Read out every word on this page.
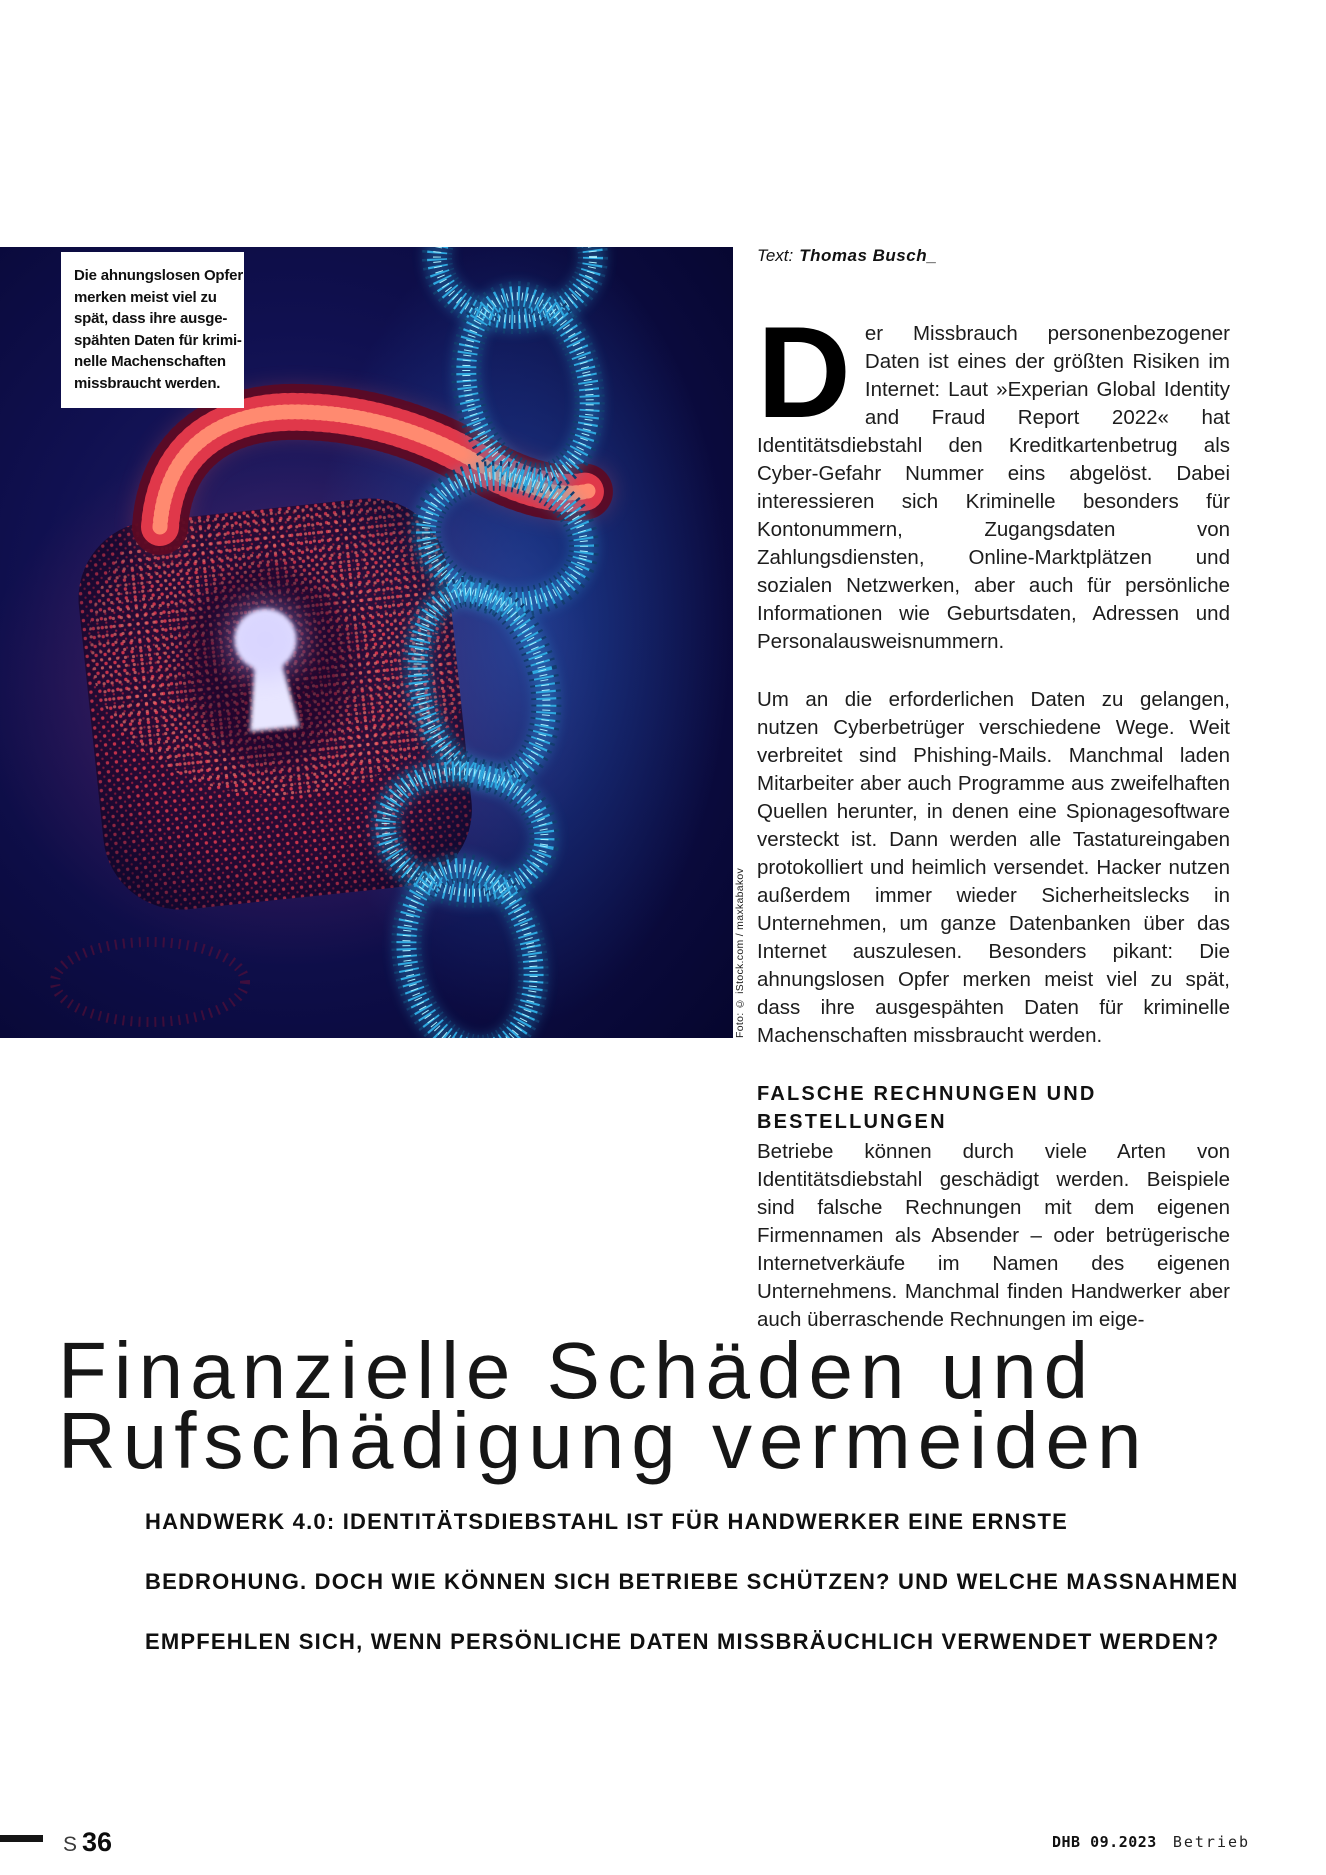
Die ahnungslosen Opfer
merken meist viel zu
spät, dass ihre ausge-
spähten Daten für krimi-
nelle Machenschaften
missbraucht werden.
Foto: © iStock.com / maxkabakov
Text: Thomas Busch_

Der Missbrauch personenbezogener Daten ist eines der größten Risiken im Internet: Laut »Experian Global Identity and Fraud Report 2022« hat Identitätsdiebstahl den Kreditkartenbetrug als Cyber-Gefahr Nummer eins abgelöst. Dabei interessieren sich Kriminelle besonders für Kontonummern, Zugangsdaten von Zahlungsdiensten, Online-Marktplätzen und sozialen Netzwerken, aber auch für persönliche Informationen wie Geburtsdaten, Adressen und Personalausweisnummern.

Um an die erforderlichen Daten zu gelangen, nutzen Cyberbetrüger verschiedene Wege. Weit verbreitet sind Phishing-Mails. Manchmal laden Mitarbeiter aber auch Programme aus zweifelhaften Quellen herunter, in denen eine Spionagesoftware versteckt ist. Dann werden alle Tastatureingaben protokolliert und heimlich versendet. Hacker nutzen außerdem immer wieder Sicherheitslecks in Unternehmen, um ganze Datenbanken über das Internet auszulesen. Besonders pikant: Die ahnungslosen Opfer merken meist viel zu spät, dass ihre ausgespähten Daten für kriminelle Machenschaften missbraucht werden.

FALSCHE RECHNUNGEN UND BESTELLUNGEN

Betriebe können durch viele Arten von Identitätsdiebstahl geschädigt werden. Beispiele sind falsche Rechnungen mit dem eigenen Firmennamen als Absender – oder betrügerische Internetverkäufe im Namen des eigenen Unternehmens. Manchmal finden Handwerker aber auch überraschende Rechnungen im eige-

Finanzielle Schäden und
Rufschädigung vermeiden
HANDWERK 4.0: IDENTITÄTSDIEBSTAHL IST FÜR HANDWERKER EINE ERNSTE
BEDROHUNG. DOCH WIE KÖNNEN SICH BETRIEBE SCHÜTZEN? UND WELCHE MASSNAHMEN
EMPFEHLEN SICH, WENN PERSÖNLICHE DATEN MISSBRÄUCHLICH VERWENDET WERDEN?
S 36	DHB 09.2023 Betrieb
